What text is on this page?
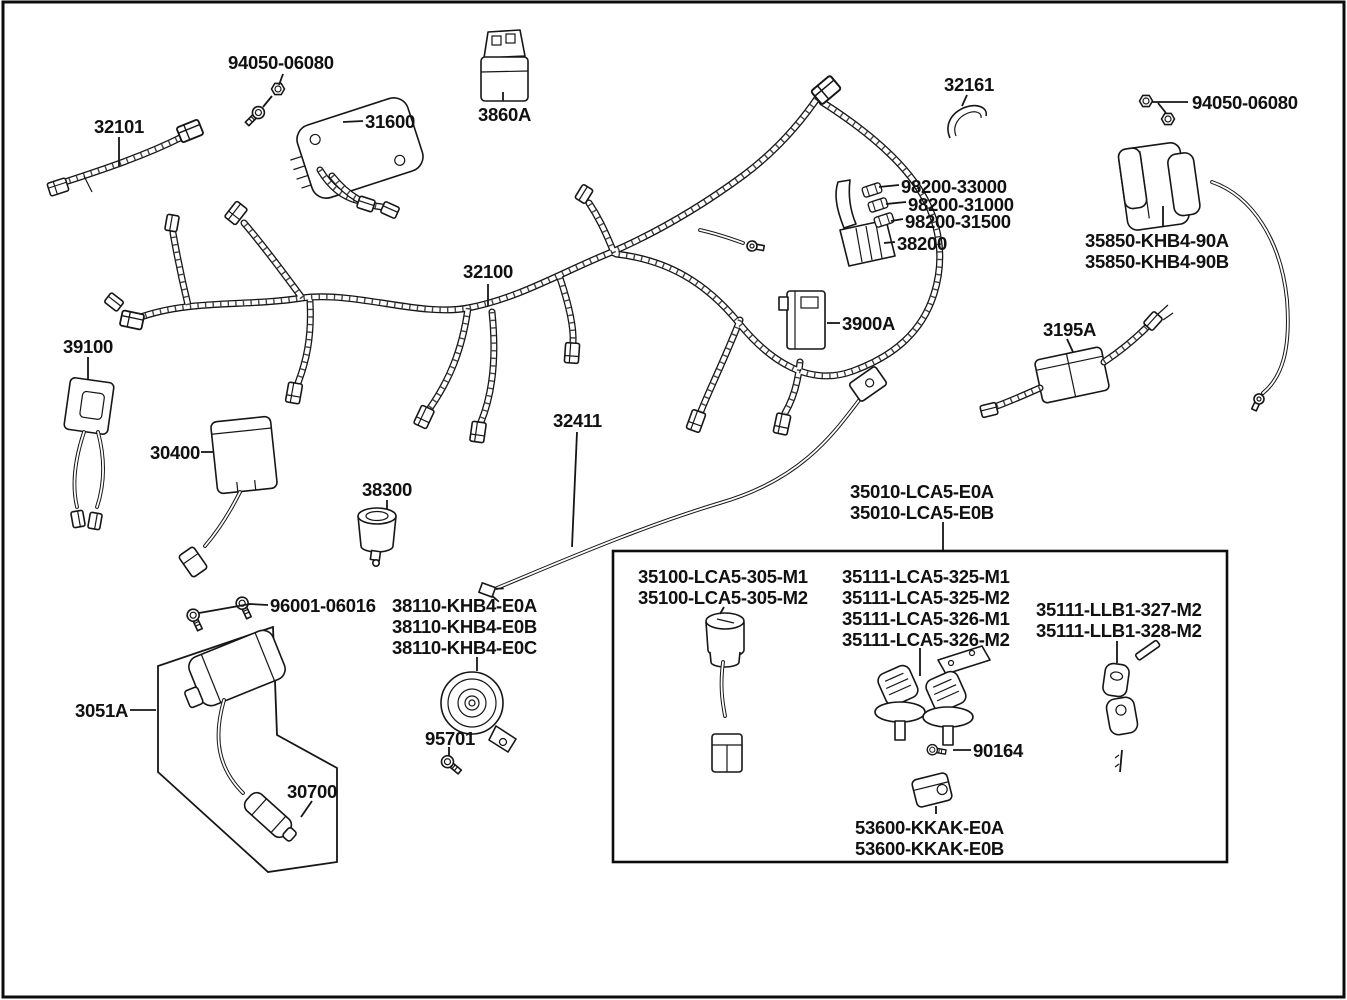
94050-06080
32101	31600	3860A
32161
94050-06080
98200-33000
98200-31000
98200-31500
38200
32100
35850-KHB4-90A
35850-KHB4-90B
3900A	3195A
39100
30400
38300
32411
35010-LCA5-E0A
35010-LCA5-E0B
35100-LCA5-305-M1
35100-LCA5-305-M2
35111-LCA5-325-M1
35111-LCA5-325-M2
35111-LCA5-326-M1
35111-LCA5-326-M2
35111-LLB1-327-M2
35111-LLB1-328-M2
90164
53600-KKAK-E0A
53600-KKAK-E0B
96001-06016 38110-KHB4-E0A
38110-KHB4-E0B
38110-KHB4-E0C
3051A
95701
30700
